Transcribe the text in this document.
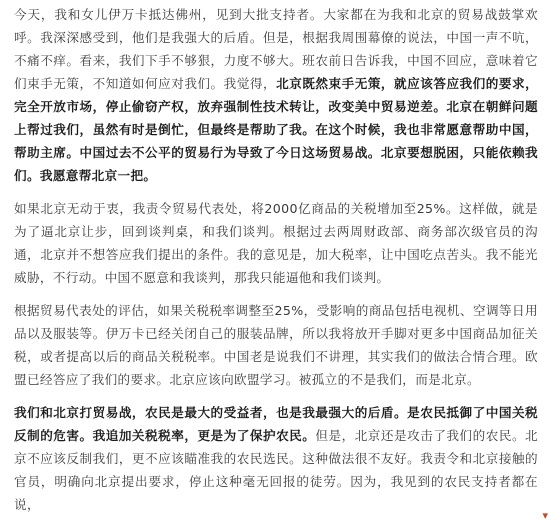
今天，我和女儿伊万卡抵达佛州，见到大批支持者。大家都在为我和北京的贸易战鼓掌欢呼。我深深感受到，他们是我强大的后盾。但是，根据我周围幕僚的说法，中国一声不吭，不痛不痒。看来，我们下手不够狠，力度不够大。班农前日告诉我，中国不回应，意味着它们束手无策，不知道如何应对我们。我觉得，北京既然束手无策，就应该答应我们的要求，完全开放市场，停止偷窃产权，放弃强制性技术转让，改变美中贸易逆差。北京在朝鲜问题上帮过我们，虽然有时是倒忙，但最终是帮助了我。在这个时候，我也非常愿意帮助中国，帮助主席。中国过去不公平的贸易行为导致了今日这场贸易战。北京要想脱困，只能依赖我们。我愿意帮北京一把。

如果北京无动于衷，我责令贸易代表处，将2000亿商品的关税增加至25%。这样做，就是为了逼北京让步，回到谈判桌，和我们谈判。根据过去两周财政部、商务部次级官员的沟通，北京并不想答应我们提出的条件。我的意见是，加大税率，让中国吃点苦头。我不能光威胁，不行动。中国不愿意和我谈判，那我只能逼他和我们谈判。

根据贸易代表处的评估，如果关税税率调整至25%，受影响的商品包括电视机、空调等日用品以及服装等。伊万卡已经关闭自己的服装品牌，所以我将放开手脚对更多中国商品加征关税，或者提高以后的商品关税税率。中国老是说我们不讲理，其实我们的做法合情合理。欧盟已经答应了我们的要求。北京应该向欧盟学习。被孤立的不是我们，而是北京。

我们和北京打贸易战，农民是最大的受益者，也是我最强大的后盾。是农民抵御了中国关税反制的危害。我追加关税税率，更是为了保护农民。但是，北京还是攻击了我们的农民。北京不应该反制我们，更不应该瞄准我的农民选民。这种做法很不友好。我责令和北京接触的官员，明确向北京提出要求，停止这种毫无回报的徒劳。因为，我见到的农民支持者都在说，

▾
